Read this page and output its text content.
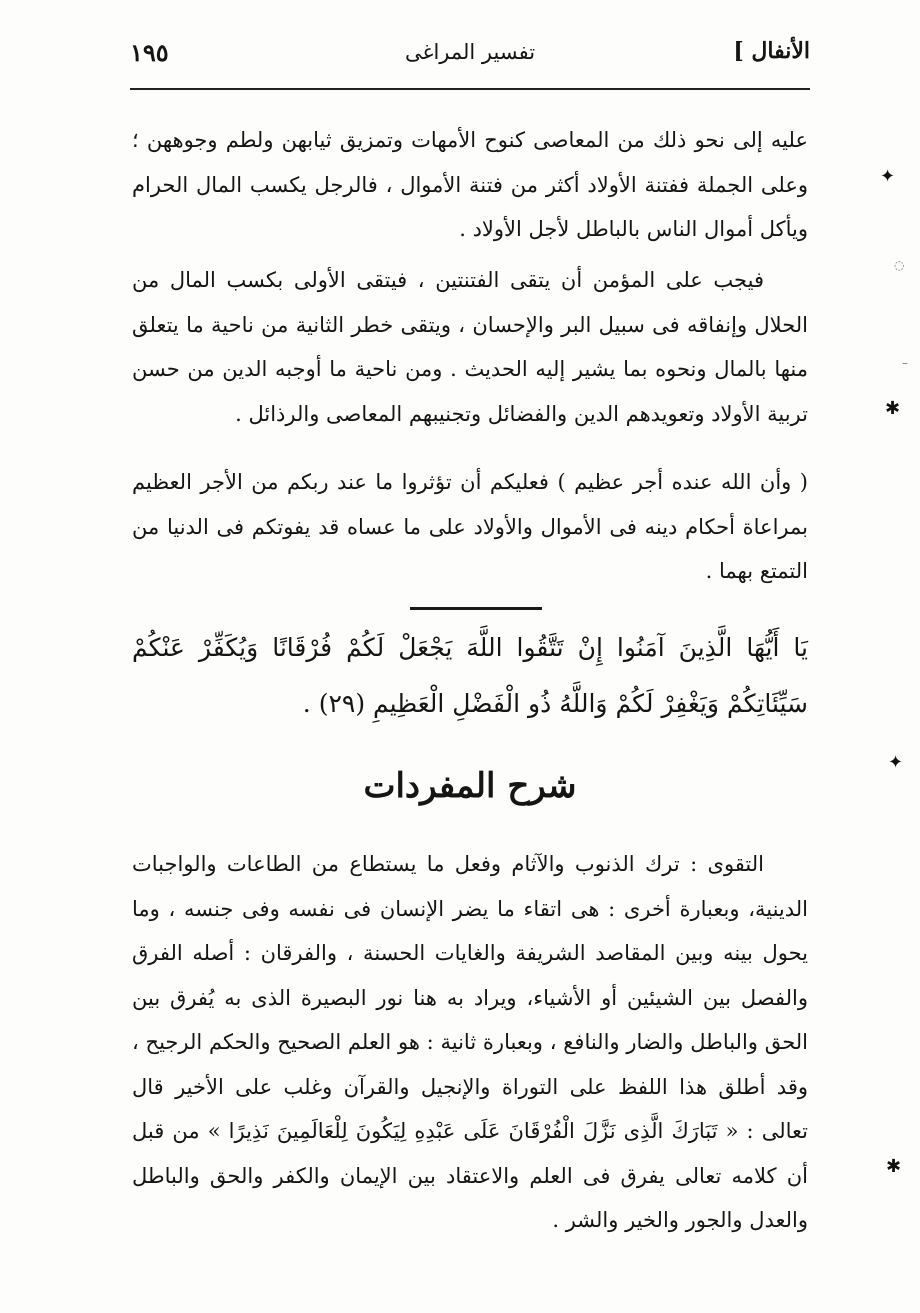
الأنفال ]
تفسير المراغى
١٩٥

عليه إلى نحو ذلك من المعاصى كنوح الأمهات وتمزيق ثيابهن ولطم وجوههن ؛ وعلى الجملة ففتنة الأولاد أكثر من فتنة الأموال ، فالرجل يكسب المال الحرام ويأكل أموال الناس بالباطل لأجل الأولاد .

فيجب على المؤمن أن يتقى الفتنتين ، فيتقى الأولى بكسب المال من الحلال وإنفاقه فى سبيل البر والإحسان ، ويتقى خطر الثانية من ناحية ما يتعلق منها بالمال ونحوه بما يشير إليه الحديث . ومن ناحية ما أوجبه الدين من حسن تربية الأولاد وتعويدهم الدين والفضائل وتجنيبهم المعاصى والرذائل .

( وأن الله عنده أجر عظيم ) فعليكم أن تؤثروا ما عند ربكم من الأجر العظيم بمراعاة أحكام دينه فى الأموال والأولاد على ما عساه قد يفوتكم فى الدنيا من التمتع بهما .

يَا أَيُّهَا الَّذِينَ آمَنُوا إِنْ تَتَّقُوا اللَّهَ يَجْعَلْ لَكُمْ فُرْقَانًا وَيُكَفِّرْ عَنْكُمْ سَيِّئَاتِكُمْ وَيَغْفِرْ لَكُمْ وَاللَّهُ ذُو الْفَضْلِ الْعَظِيمِ (٢٩) .

شرح المفردات

التقوى : ترك الذنوب والآثام وفعل ما يستطاع من الطاعات والواجبات الدينية، وبعبارة أخرى : هى اتقاء ما يضر الإنسان فى نفسه وفى جنسه ، وما يحول بينه وبين المقاصد الشريفة والغايات الحسنة ، والفرقان : أصله الفرق والفصل بين الشيئين أو الأشياء، ويراد به هنا نور البصيرة الذى به يُفرق بين الحق والباطل والضار والنافع ، وبعبارة ثانية : هو العلم الصحيح والحكم الرجيح ، وقد أطلق هذا اللفظ على التوراة والإنجيل والقرآن وغلب على الأخير قال تعالى : « تَبَارَكَ الَّذِى نَزَّلَ الْفُرْقَانَ عَلَى عَبْدِهِ لِيَكُونَ لِلْعَالَمِينَ نَذِيرًا » من قبل أن كلامه تعالى يفرق فى العلم والاعتقاد بين الإيمان والكفر والحق والباطل والعدل والجور والخير والشر .

✦
✱
✦
✱
◌
–
